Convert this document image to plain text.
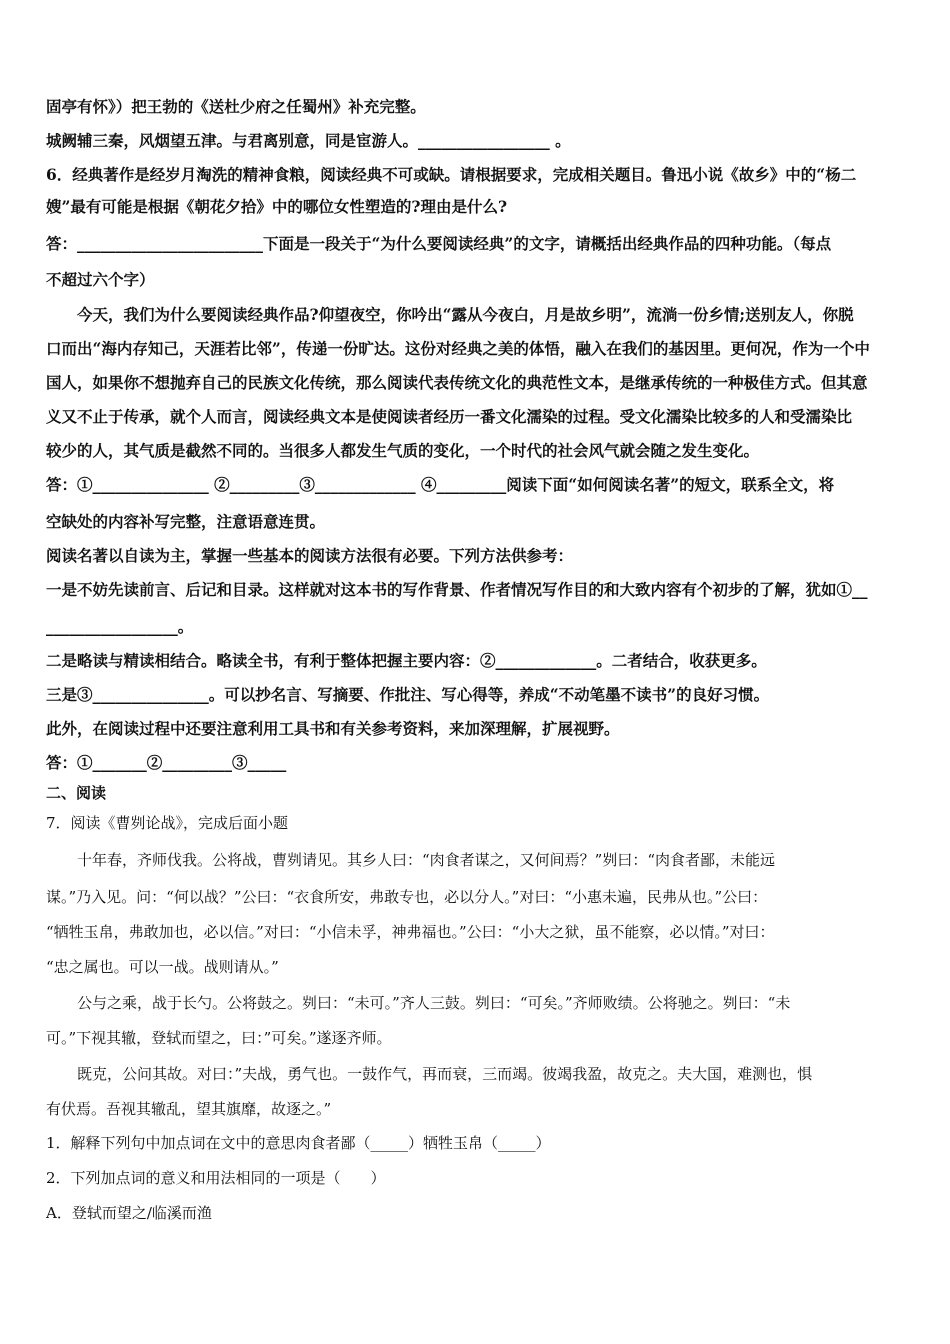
固亭有怀》）把王勃的《送杜少府之任蜀州》补充完整。

城阙辅三秦，风烟望五津。与君离别意，同是宦游人。_________________ 。

6．经典著作是经岁月淘洗的精神食粮，阅读经典不可或缺。请根据要求，完成相关题目。鲁迅小说《故乡》中的“杨二

嫂”最有可能是根据《朝花夕拾》中的哪位女性塑造的?理由是什么?

答：________________________下面是一段关于“为什么要阅读经典”的文字，请概括出经典作品的四种功能。（每点

不超过六个字）

今天，我们为什么要阅读经典作品?仰望夜空，你吟出“露从今夜白，月是故乡明”，流淌一份乡情;送别友人，你脱

口而出“海内存知己，天涯若比邻”，传递一份旷达。这份对经典之美的体悟，融入在我们的基因里。更何况，作为一个中

国人，如果你不想抛弃自己的民族文化传统，那么阅读代表传统文化的典范性文本，是继承传统的一种极佳方式。但其意

义又不止于传承，就个人而言，阅读经典文本是使阅读者经历一番文化濡染的过程。受文化濡染比较多的人和受濡染比

较少的人，其气质是截然不同的。当很多人都发生气质的变化，一个时代的社会风气就会随之发生变化。

答：①_______________ ②_________③_____________ ④_________阅读下面“如何阅读名著”的短文，联系全文，将

空缺处的内容补写完整，注意语意连贯。

阅读名著以自读为主，掌握一些基本的阅读方法很有必要。下列方法供参考：

一是不妨先读前言、后记和目录。这样就对这本书的写作背景、作者情况写作目的和大致内容有个初步的了解，犹如①__

_________________。

二是略读与精读相结合。略读全书，有利于整体把握主要内容：②_____________。二者结合，收获更多。

三是③_______________。可以抄名言、写摘要、作批注、写心得等，养成“不动笔墨不读书”的良好习惯。

此外，在阅读过程中还要注意利用工具书和有关参考资料，来加深理解，扩展视野。

答：①_______②_________③_____

二、阅读

7．阅读《曹刿论战》，完成后面小题

十年春，齐师伐我。公将战，曹刿请见。其乡人曰：“肉食者谋之，又何间焉？”刿曰：“肉食者鄙，未能远

谋。”乃入见。问：“何以战？”公曰：“衣食所安，弗敢专也，必以分人。”对曰：“小惠未遍，民弗从也。”公曰：

“牺牲玉帛，弗敢加也，必以信。”对曰：“小信未孚，神弗福也。”公曰：“小大之狱，虽不能察，必以情。”对曰：

“忠之属也。可以一战。战则请从。”

公与之乘，战于长勺。公将鼓之。刿曰：“未可。”齐人三鼓。刿曰：“可矣。”齐师败绩。公将驰之。刿曰：“未

可。”下视其辙，登轼而望之，曰：”可矣。”遂逐齐师。

既克，公问其故。对曰：”夫战，勇气也。一鼓作气，再而衰，三而竭。彼竭我盈，故克之。夫大国，难测也，惧

有伏焉。吾视其辙乱，望其旗靡，故逐之。”

1．解释下列句中加点词在文中的意思肉食者鄙（_____）牺牲玉帛（_____）

2．下列加点词的意义和用法相同的一项是（　　）

A．登轼而望之/临溪而渔
